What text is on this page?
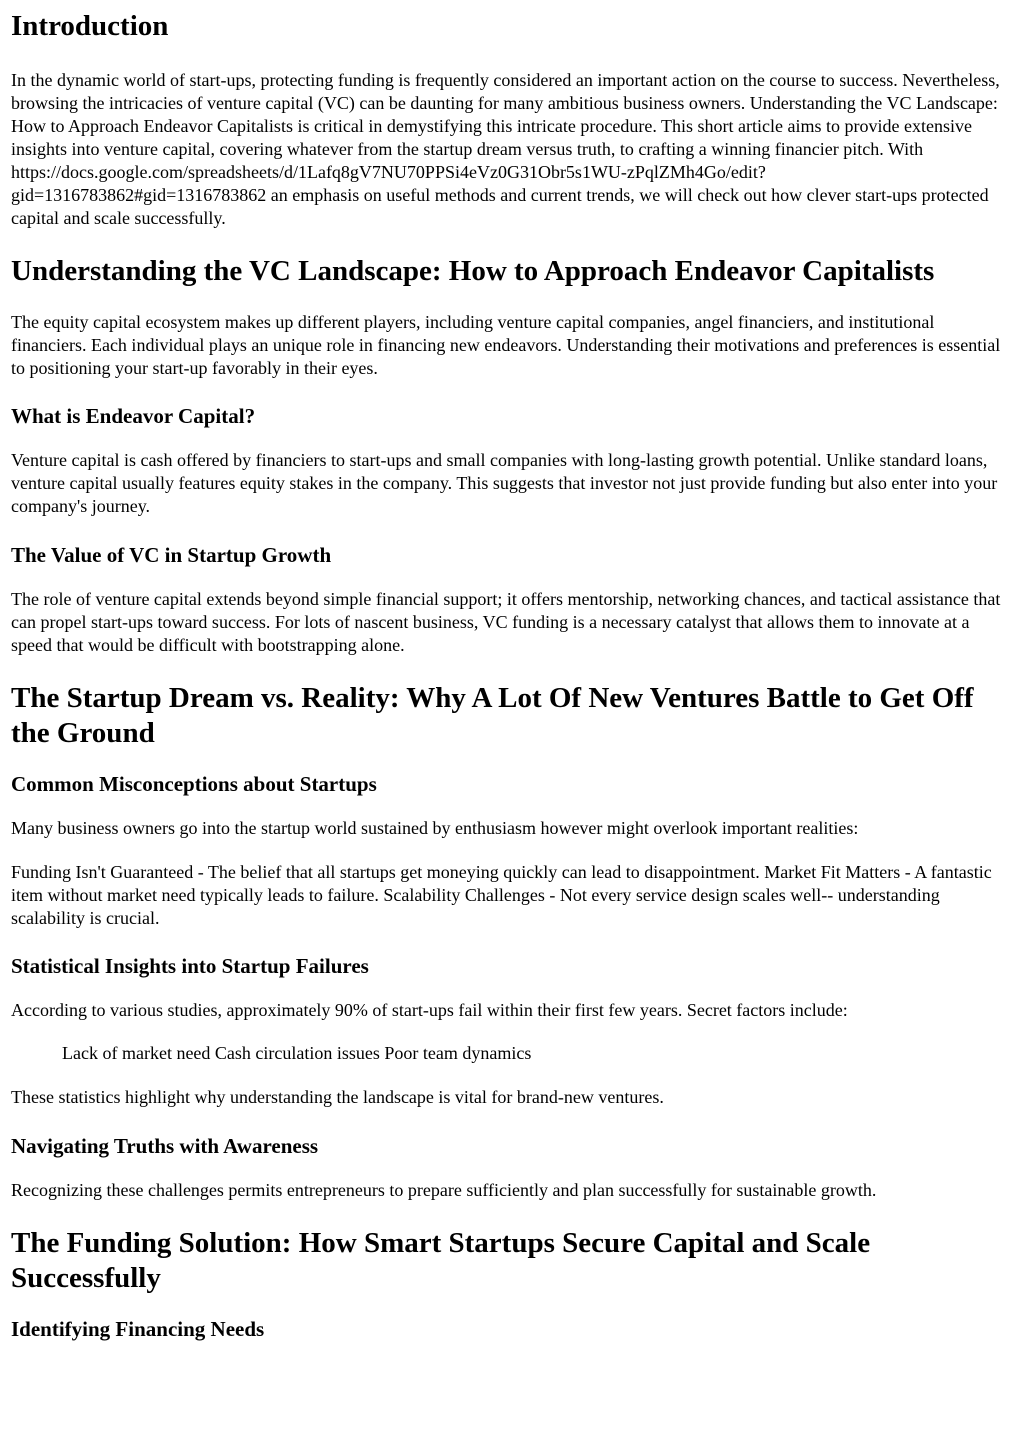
Introduction

In the dynamic world of start-ups, protecting funding is frequently considered an important action on the course to success. Nevertheless, browsing the intricacies of venture capital (VC) can be daunting for many ambitious business owners. Understanding the VC Landscape: How to Approach Endeavor Capitalists is critical in demystifying this intricate procedure. This short article aims to provide extensive insights into venture capital, covering whatever from the startup dream versus truth, to crafting a winning financier pitch. With https://docs.google.com/spreadsheets/d/1Lafq8gV7NU70PPSi4eVz0G31Obr5s1WU-zPqlZMh4Go/edit?gid=1316783862#gid=1316783862 an emphasis on useful methods and current trends, we will check out how clever start-ups protected capital and scale successfully.

Understanding the VC Landscape: How to Approach Endeavor Capitalists

The equity capital ecosystem makes up different players, including venture capital companies, angel financiers, and institutional financiers. Each individual plays an unique role in financing new endeavors. Understanding their motivations and preferences is essential to positioning your start-up favorably in their eyes.

What is Endeavor Capital?

Venture capital is cash offered by financiers to start-ups and small companies with long-lasting growth potential. Unlike standard loans, venture capital usually features equity stakes in the company. This suggests that investor not just provide funding but also enter into your company's journey.

The Value of VC in Startup Growth

The role of venture capital extends beyond simple financial support; it offers mentorship, networking chances, and tactical assistance that can propel start-ups toward success. For lots of nascent business, VC funding is a necessary catalyst that allows them to innovate at a speed that would be difficult with bootstrapping alone.

The Startup Dream vs. Reality: Why A Lot Of New Ventures Battle to Get Off the Ground
Common Misconceptions about Startups

Many business owners go into the startup world sustained by enthusiasm however might overlook important realities:

Funding Isn't Guaranteed - The belief that all startups get moneying quickly can lead to disappointment. Market Fit Matters - A fantastic item without market need typically leads to failure. Scalability Challenges - Not every service design scales well-- understanding scalability is crucial.

Statistical Insights into Startup Failures

According to various studies, approximately 90% of start-ups fail within their first few years. Secret factors include:

Lack of market need Cash circulation issues Poor team dynamics

These statistics highlight why understanding the landscape is vital for brand-new ventures.

Navigating Truths with Awareness

Recognizing these challenges permits entrepreneurs to prepare sufficiently and plan successfully for sustainable growth.

The Funding Solution: How Smart Startups Secure Capital and Scale Successfully
Identifying Financing Needs
